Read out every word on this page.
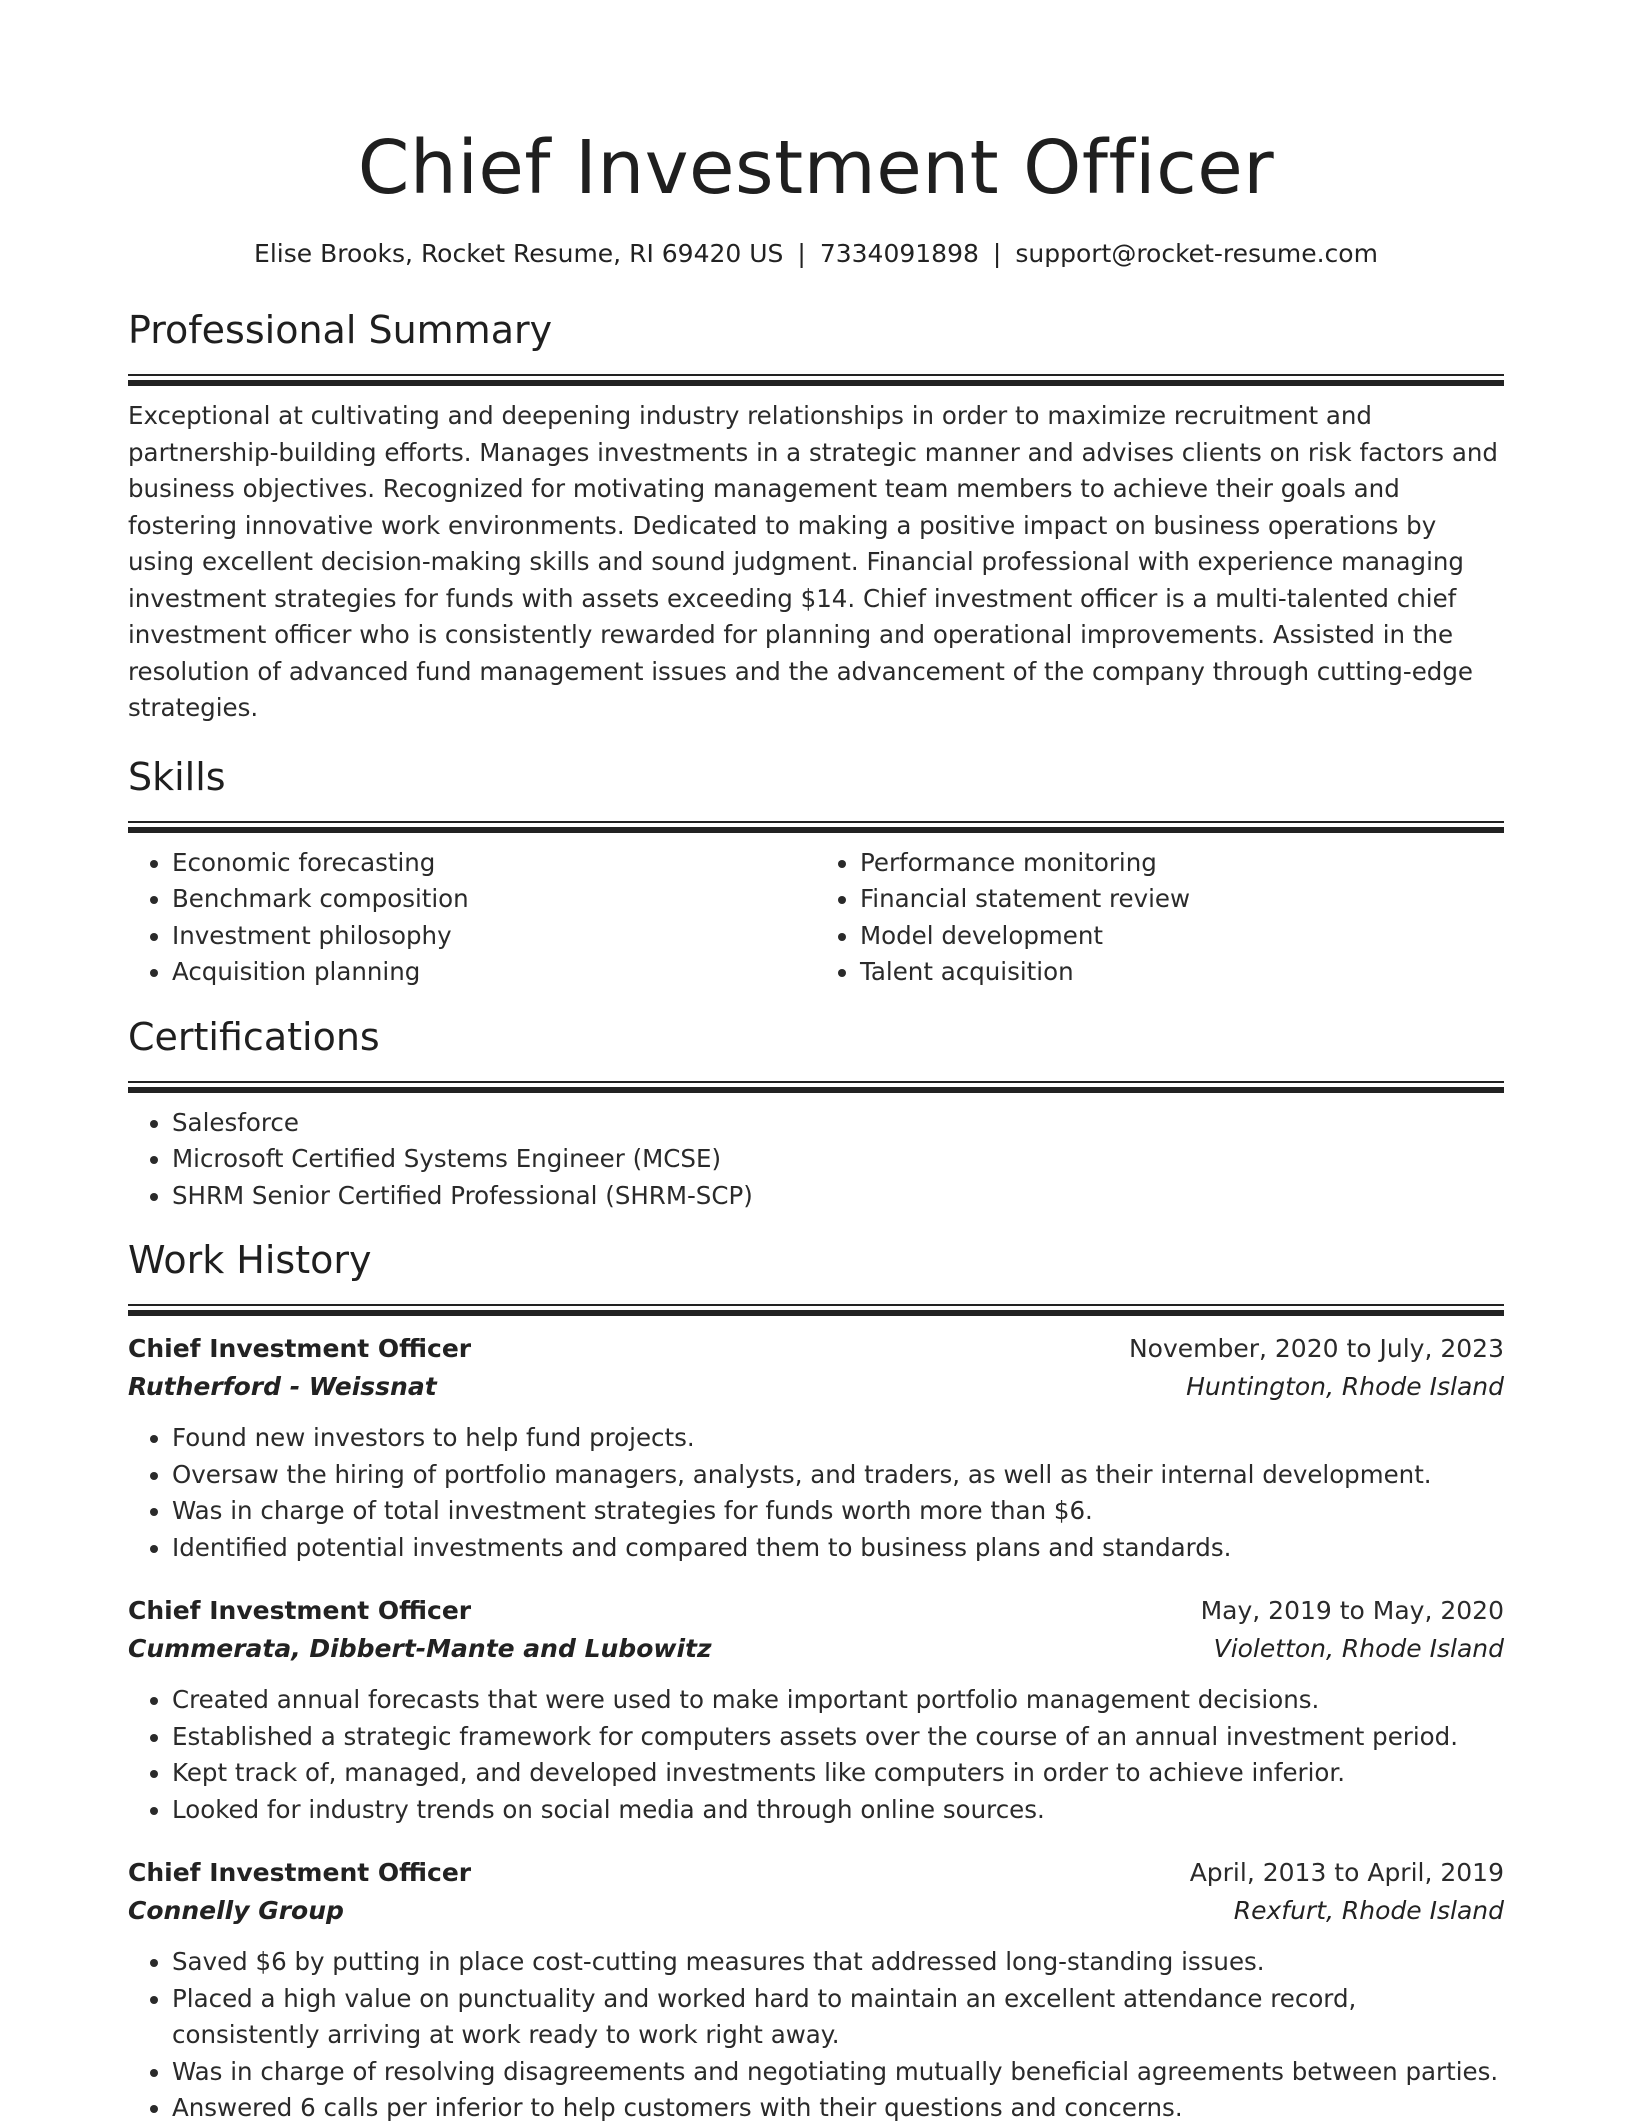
Chief Investment Officer
Elise Brooks, Rocket Resume, RI 69420 US | 7334091898 | support@rocket-resume.com
Professional Summary

Exceptional at cultivating and deepening industry relationships in order to maximize recruitment and partnership-building efforts. Manages investments in a strategic manner and advises clients on risk factors and business objectives. Recognized for motivating management team members to achieve their goals and fostering innovative work environments. Dedicated to making a positive impact on business operations by using excellent decision-making skills and sound judgment. Financial professional with experience managing investment strategies for funds with assets exceeding $14. Chief investment officer is a multi-talented chief investment officer who is consistently rewarded for planning and operational improvements. Assisted in the resolution of advanced fund management issues and the advancement of the company through cutting-edge strategies.

Skills
• Economic forecasting
• Benchmark composition
• Investment philosophy
• Acquisition planning
• Performance monitoring
• Financial statement review
• Model development
• Talent acquisition
Certifications
• Salesforce
• Microsoft Certified Systems Engineer (MCSE)
• SHRM Senior Certified Professional (SHRM-SCP)
Work History
Chief Investment Officer	November, 2020 to July, 2023
Rutherford - Weissnat	Huntington, Rhode Island
• Found new investors to help fund projects.
• Oversaw the hiring of portfolio managers, analysts, and traders, as well as their internal development.
• Was in charge of total investment strategies for funds worth more than $6.
• Identified potential investments and compared them to business plans and standards.
Chief Investment Officer	May, 2019 to May, 2020
Cummerata, Dibbert-Mante and Lubowitz	Violetton, Rhode Island
• Created annual forecasts that were used to make important portfolio management decisions.
• Established a strategic framework for computers assets over the course of an annual investment period.
• Kept track of, managed, and developed investments like computers in order to achieve inferior.
• Looked for industry trends on social media and through online sources.
Chief Investment Officer	April, 2013 to April, 2019
Connelly Group	Rexfurt, Rhode Island
• Saved $6 by putting in place cost-cutting measures that addressed long-standing issues.
• Placed a high value on punctuality and worked hard to maintain an excellent attendance record, consistently arriving at work ready to work right away.
• Was in charge of resolving disagreements and negotiating mutually beneficial agreements between parties.
• Answered 6 calls per inferior to help customers with their questions and concerns.
